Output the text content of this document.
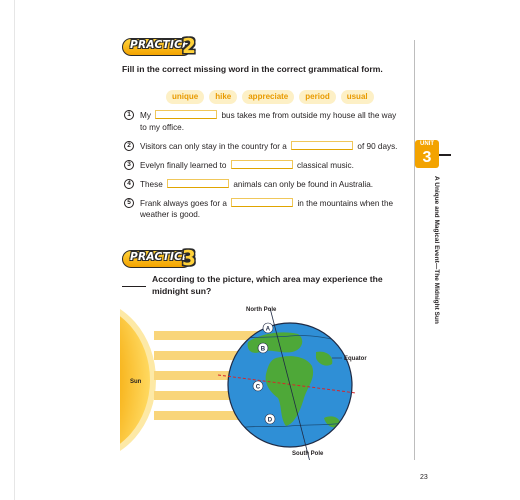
PRACTICE
2
Fill in the correct missing word in the correct grammatical form.
unique hike appreciate period usual
1	My	bus takes me from outside my house all the way to my office.
2	Visitors can only stay in the country for a	of 90 days.
3	Evelyn finally learned to	classical music.
4	These	animals can only be found in Australia.
5	Frank always goes for a	in the mountains when the weather is good.
PRACTICE
3
According to the picture, which area may experience the midnight sun?
Sun
A
B
C
D
North Pole
South Pole
Equator
UNIT
3
A Unique and Magical Event—The Midnight Sun
23
